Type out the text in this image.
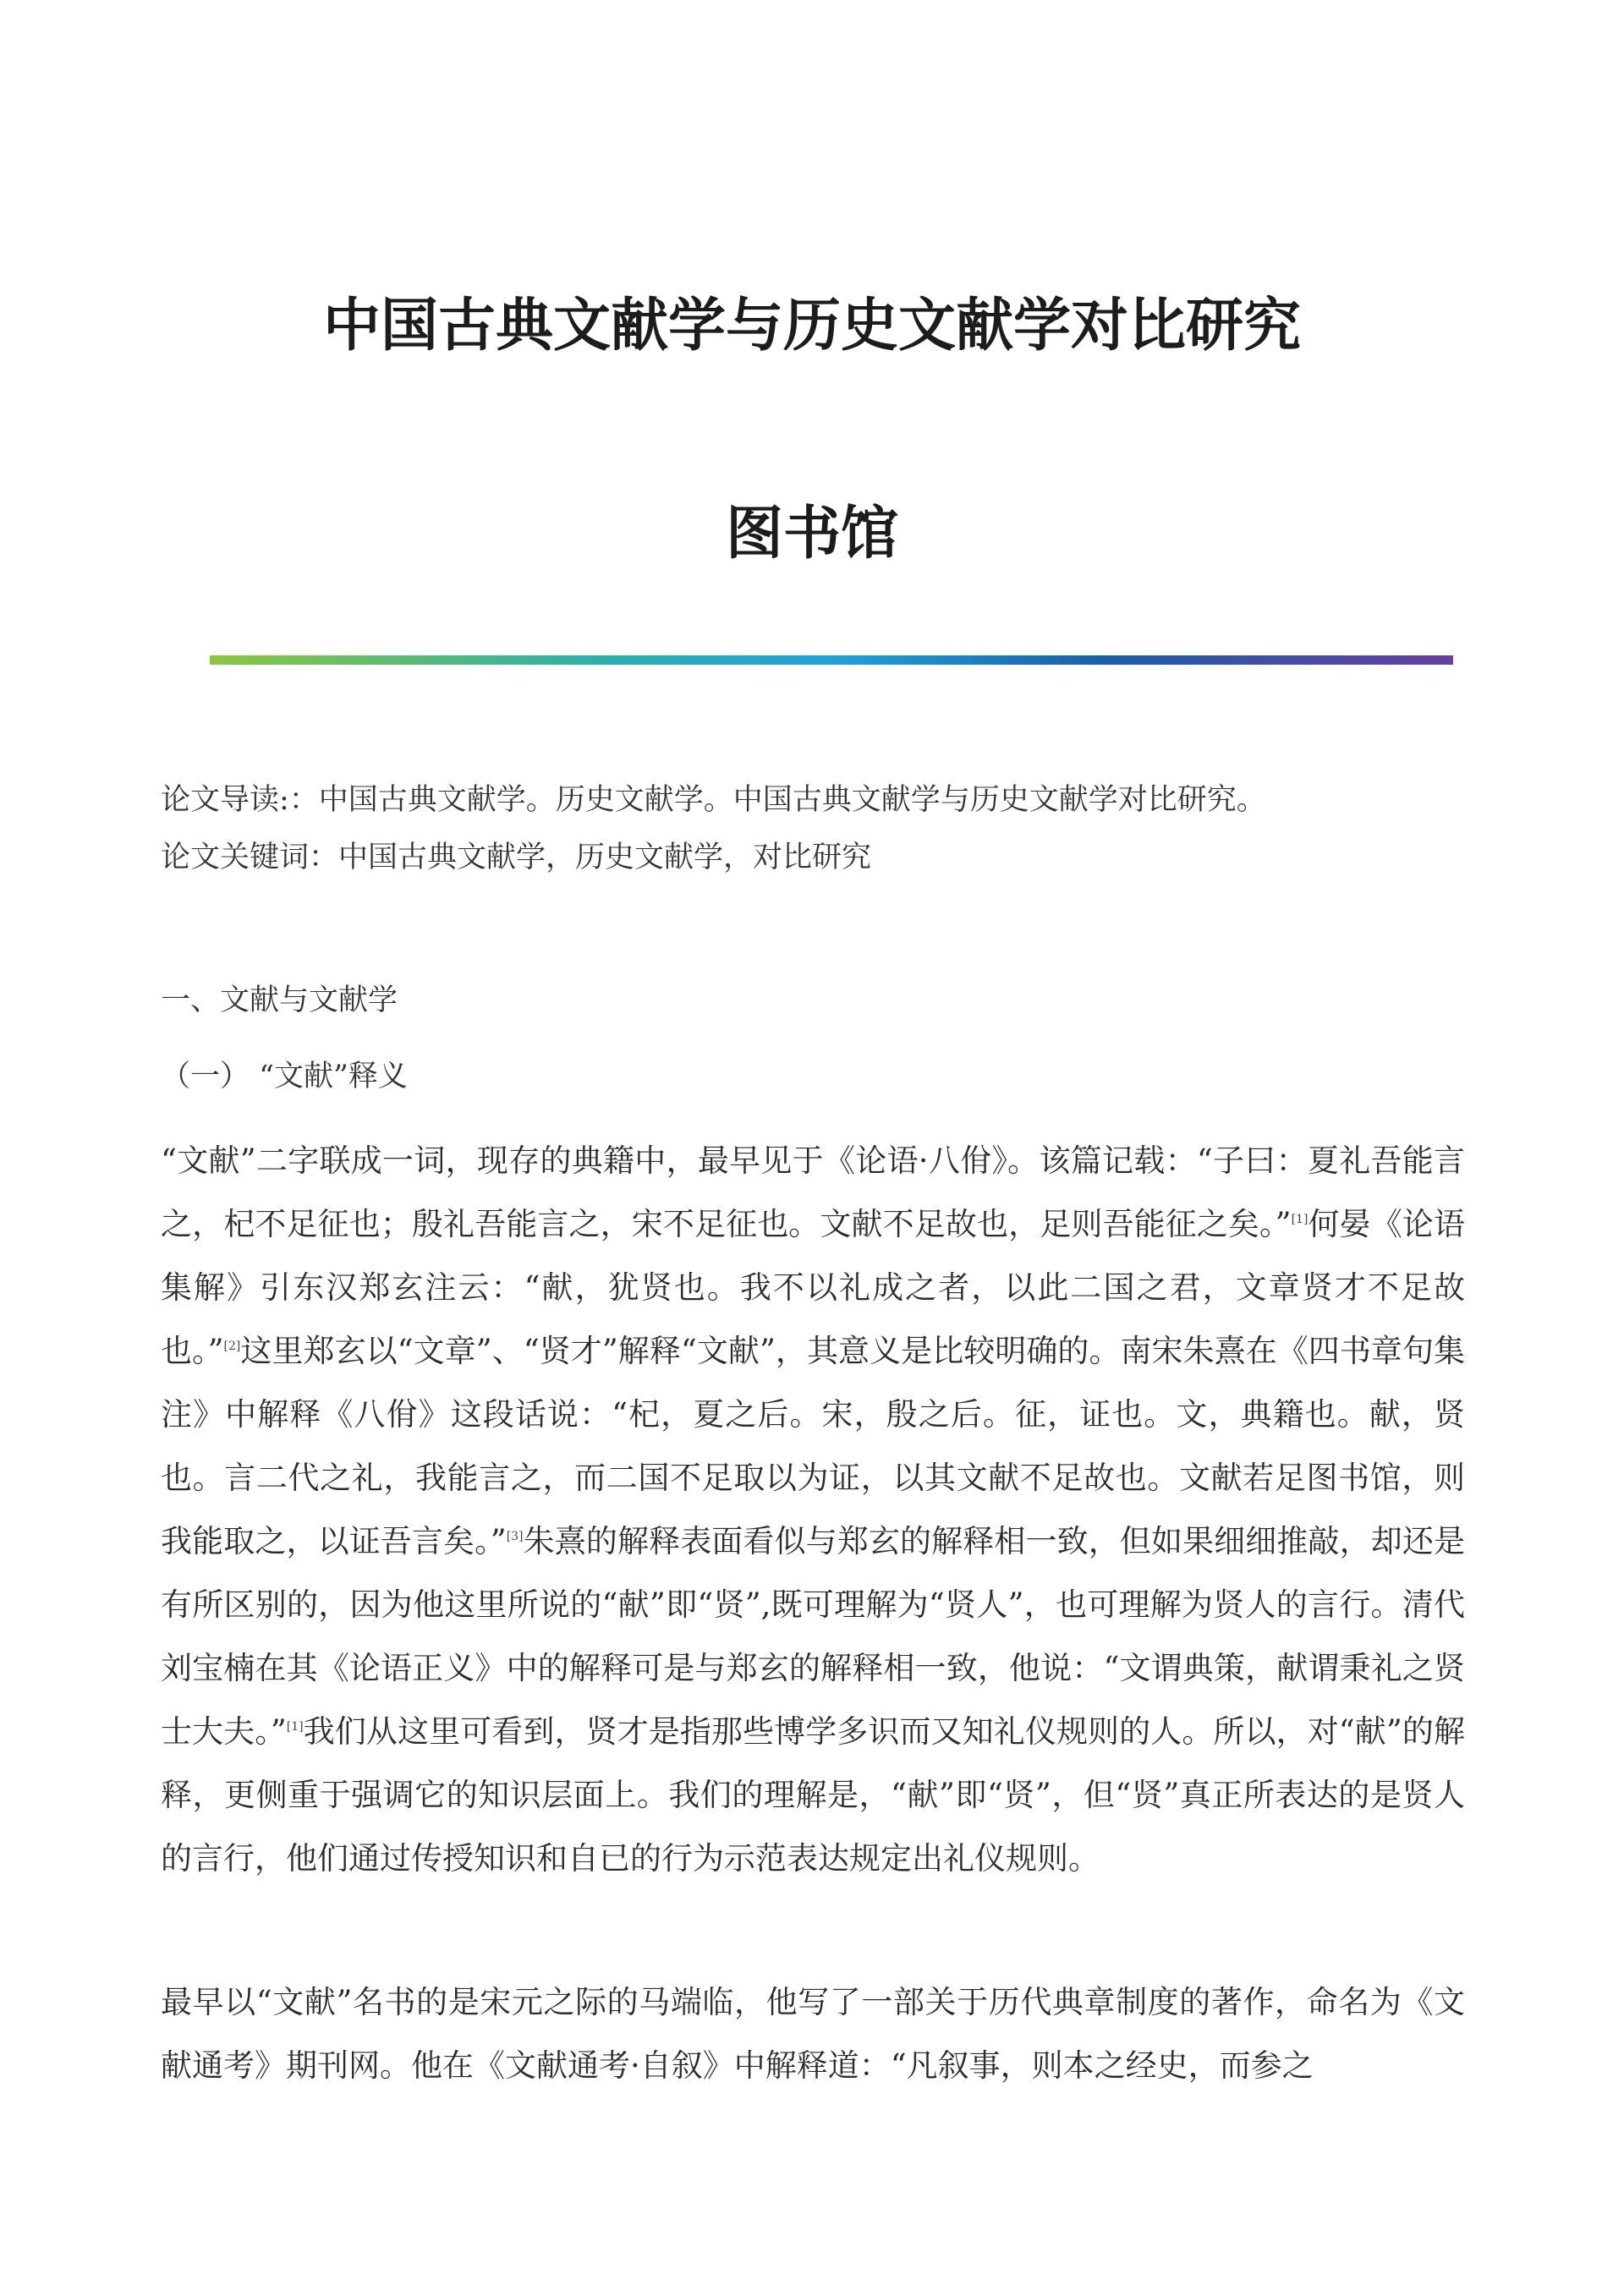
中国古典文献学与历史文献学对比研究
图书馆

论文导读:：中国古典文献学。历史文献学。中国古典文献学与历史文献学对比研究。

论文关键词：中国古典文献学，历史文献学，对比研究

一、文献与文献学

（一） “文献”释义

“文献”二字联成一词，现存的典籍中，最早见于《论语·八佾》。该篇记载：“子曰：夏礼吾能言之，杞不足征也；殷礼吾能言之，宋不足征也。文献不足故也，足则吾能征之矣。”[1]何晏《论语集解》引东汉郑玄注云：“献，犹贤也。我不以礼成之者，以此二国之君，文章贤才不足故也。”[2]这里郑玄以“文章”、“贤才”解释“文献”，其意义是比较明确的。南宋朱熹在《四书章句集注》中解释《八佾》这段话说：“杞，夏之后。宋，殷之后。征，证也。文，典籍也。献，贤也。言二代之礼，我能言之，而二国不足取以为证，以其文献不足故也。文献若足图书馆，则我能取之，以证吾言矣。”[3]朱熹的解释表面看似与郑玄的解释相一致，但如果细细推敲，却还是有所区别的，因为他这里所说的“献”即“贤”,既可理解为“贤人”，也可理解为贤人的言行。清代刘宝楠在其《论语正义》中的解释可是与郑玄的解释相一致，他说：“文谓典策，献谓秉礼之贤士大夫。”[1]我们从这里可看到，贤才是指那些博学多识而又知礼仪规则的人。所以，对“献”的解释，更侧重于强调它的知识层面上。我们的理解是，“献”即“贤”，但“贤”真正所表达的是贤人的言行，他们通过传授知识和自已的行为示范表达规定出礼仪规则。

最早以“文献”名书的是宋元之际的马端临，他写了一部关于历代典章制度的著作，命名为《文献通考》期刊网。他在《文献通考·自叙》中解释道：“凡叙事，则本之经史，而参之
